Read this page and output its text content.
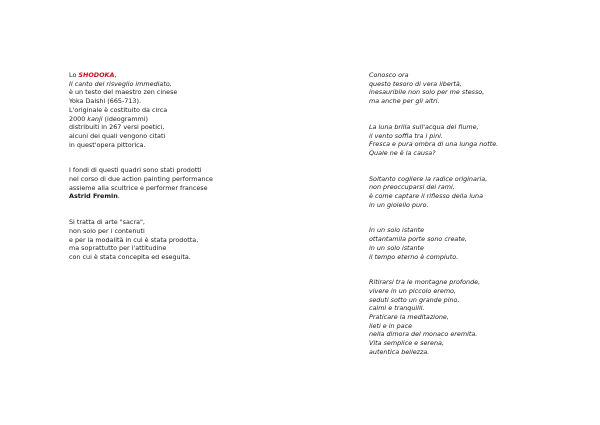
Lo SHODOKA,
Il canto del risveglio immediato,
è un testo del maestro zen cinese
Yoka Daishi (665-713).
L'originale è costituito da circa
2000 kanji (ideogrammi)
distribuiti in 267 versi poetici,
alcuni dei quali vengono citati
in quest'opera pittorica.
I fondi di questi quadri sono stati prodotti
nel corso di due action painting performance
assieme alla scultrice e performer francese
Astrid Fremin.
Si tratta di arte "sacra",
non solo per i contenuti
e per la modalità in cui è stata prodotta,
ma soprattutto per l'attitudine
con cui è stata concepita ed eseguita.
Conosco ora
questo tesoro di vera libertà,
inesauribile non solo per me stesso,
ma anche per gli altri.
La luna brilla sull'acqua del fiume,
il vento soffia tra i pini.
Fresca e pura ombra di una lunga notte.
Quale ne è la causa?
Soltanto cogliere la radice originaria,
non preoccuparsi dei rami,
è come captare il riflesso della luna
in un gioiello puro.
In un solo istante
ottantamila porte sono create,
in un solo istante
il tempo eterno è compiuto.
Ritirarsi tra le montagne profonde,
vivere in un piccolo eremo,
seduti sotto un grande pino,
calmi e tranquilli.
Praticare la meditazione,
lieti e in pace
nella dimora del monaco eremita.
Vita semplice e serena,
autentica bellezza.
